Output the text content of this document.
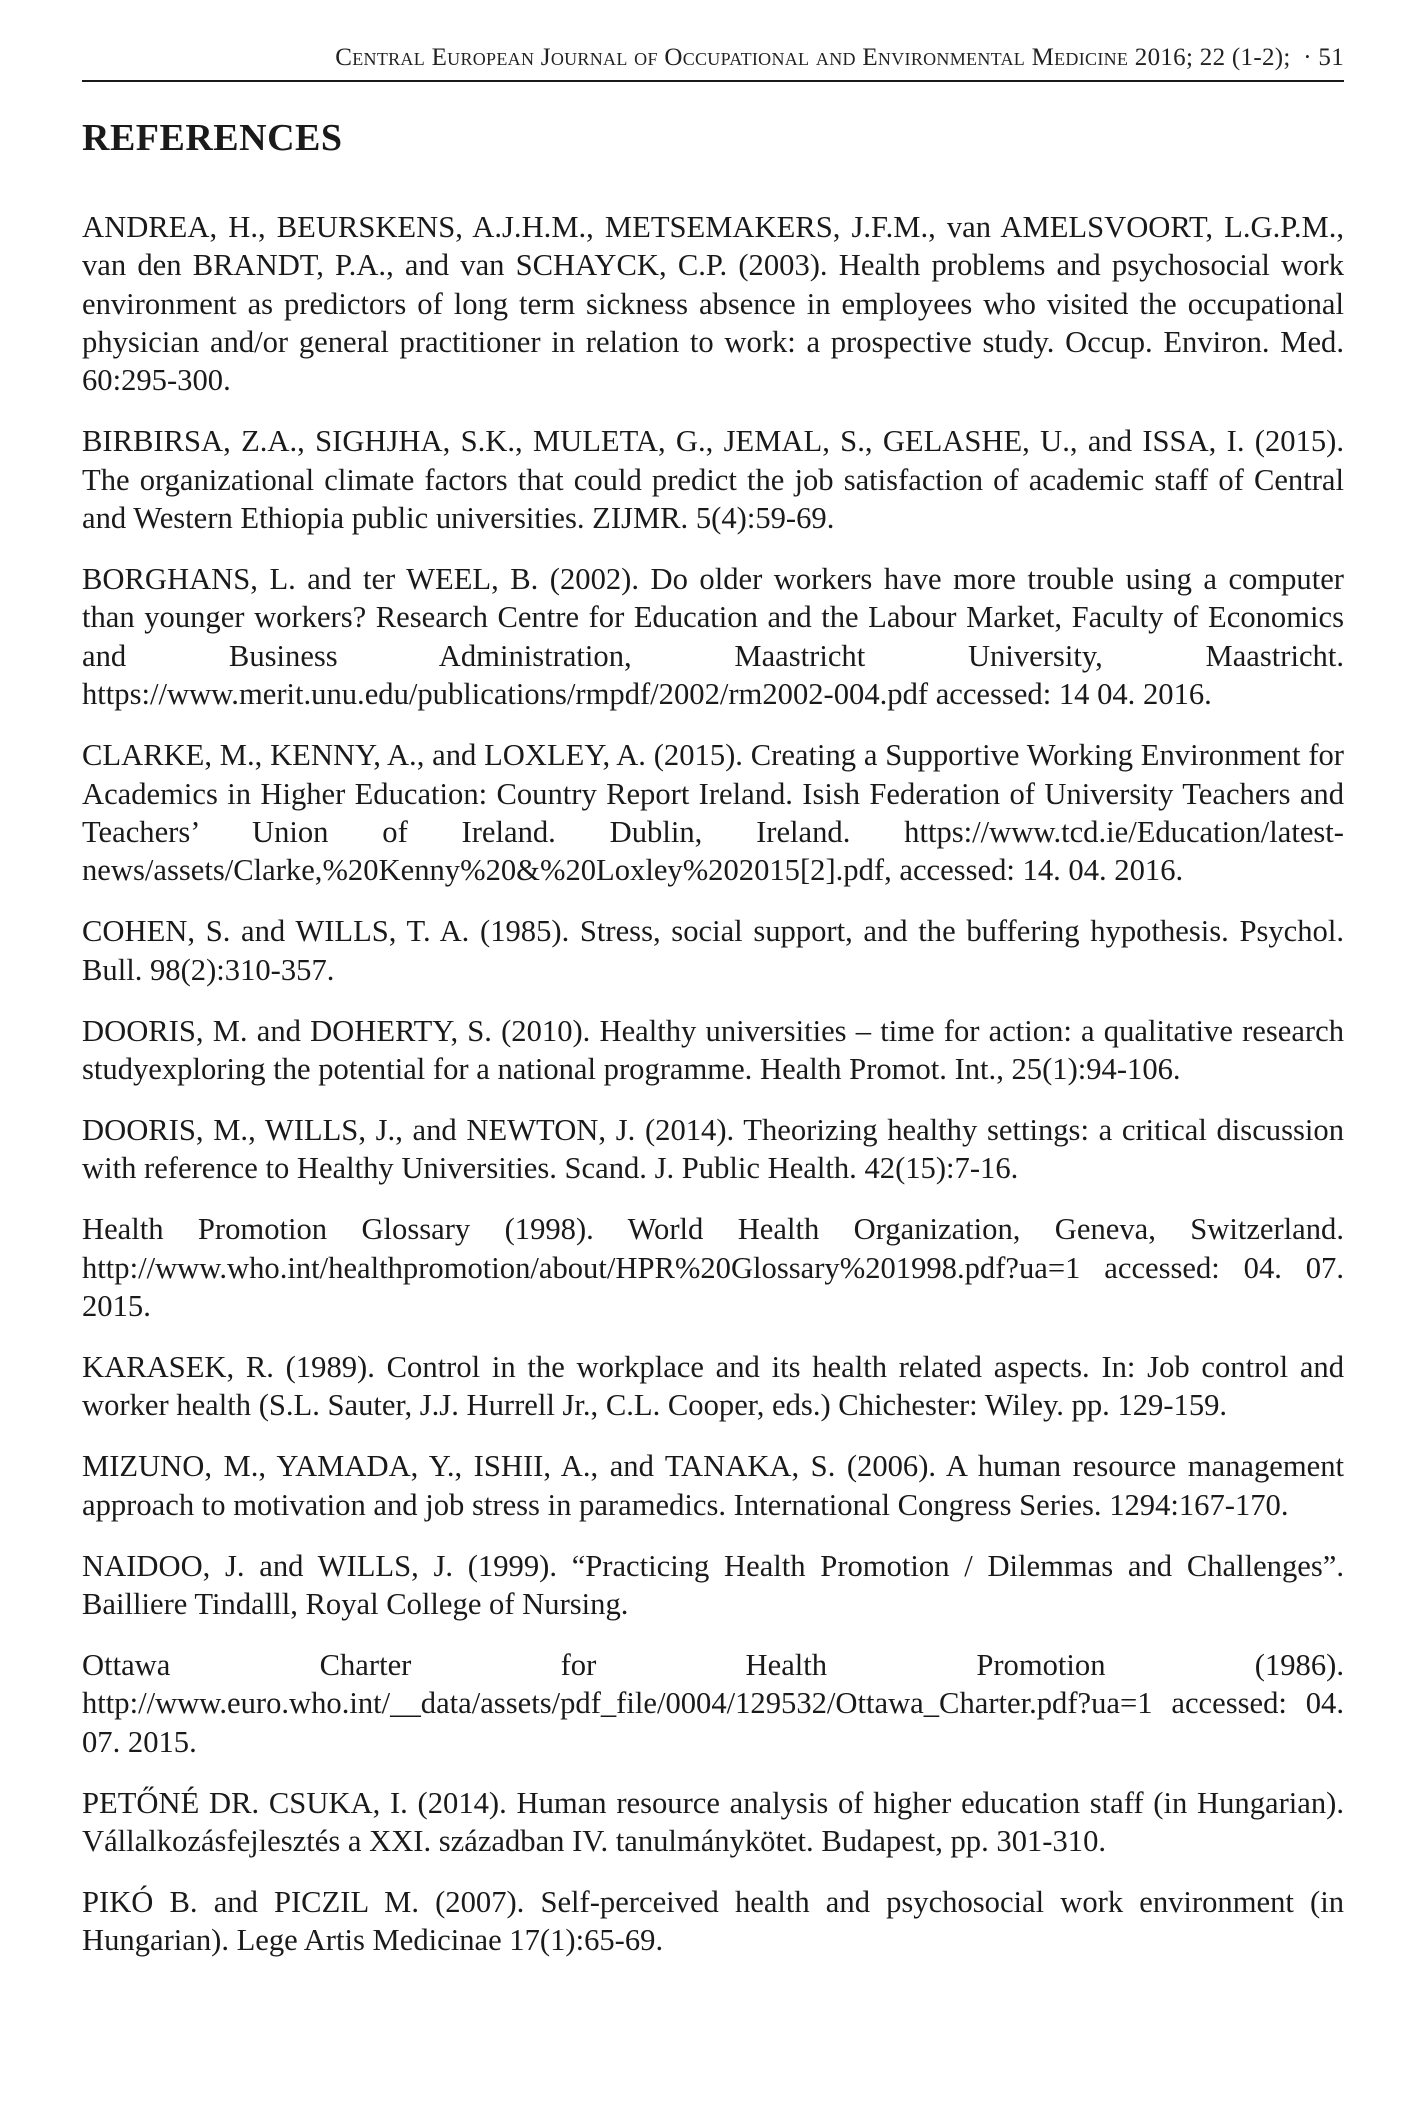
Central European Journal of Occupational and Environmental Medicine 2016; 22 (1-2); · 51
REFERENCES
ANDREA, H., BEURSKENS, A.J.H.M., METSEMAKERS, J.F.M., van AMELSVOORT, L.G.P.M., van den BRANDT, P.A., and van SCHAYCK, C.P. (2003). Health problems and psychosocial work environment as predictors of long term sickness absence in employees who visited the occupational physician and/or general practitioner in relation to work: a prospective study. Occup. Environ. Med. 60:295-300.
BIRBIRSA, Z.A., SIGHJHA, S.K., MULETA, G., JEMAL, S., GELASHE, U., and ISSA, I. (2015). The organizational climate factors that could predict the job satisfaction of academic staff of Central and Western Ethiopia public universities. ZIJMR. 5(4):59-69.
BORGHANS, L. and ter WEEL, B. (2002). Do older workers have more trouble using a computer than younger workers? Research Centre for Education and the Labour Market, Faculty of Economics and Business Administration, Maastricht University, Maastricht. https://www.merit.unu.edu/publications/rmpdf/2002/rm2002-004.pdf accessed: 14 04. 2016.
CLARKE, M., KENNY, A., and LOXLEY, A. (2015). Creating a Supportive Working Environment for Academics in Higher Education: Country Report Ireland. Isish Federation of University Teachers and Teachers’ Union of Ireland. Dublin, Ireland. https://www.tcd.ie/Education/latest-news/assets/Clarke,%20Kenny%20&%20Loxley%202015[2].pdf, accessed: 14. 04. 2016.
COHEN, S. and WILLS, T. A. (1985). Stress, social support, and the buffering hypothesis. Psychol. Bull. 98(2):310-357.
DOORIS, M. and DOHERTY, S. (2010). Healthy universities – time for action: a qualitative research studyexploring the potential for a national programme. Health Promot. Int., 25(1):94-106.
DOORIS, M., WILLS, J., and NEWTON, J. (2014). Theorizing healthy settings: a critical discussion with reference to Healthy Universities. Scand. J. Public Health. 42(15):7-16.
Health Promotion Glossary (1998). World Health Organization, Geneva, Switzerland. http://www.who.int/healthpromotion/about/HPR%20Glossary%201998.pdf?ua=1 accessed: 04. 07. 2015.
KARASEK, R. (1989). Control in the workplace and its health related aspects. In: Job control and worker health (S.L. Sauter, J.J. Hurrell Jr., C.L. Cooper, eds.) Chichester: Wiley. pp. 129-159.
MIZUNO, M., YAMADA, Y., ISHII, A., and TANAKA, S. (2006). A human resource management approach to motivation and job stress in paramedics. International Congress Series. 1294:167-170.
NAIDOO, J. and WILLS, J. (1999). “Practicing Health Promotion / Dilemmas and Challenges”. Bailliere Tindalll, Royal College of Nursing.
Ottawa Charter for Health Promotion (1986). http://www.euro.who.int/__data/assets/pdf_file/0004/129532/Ottawa_Charter.pdf?ua=1 accessed: 04. 07. 2015.
PETŐNÉ DR. CSUKA, I. (2014). Human resource analysis of higher education staff (in Hungarian). Vállalkozásfejlesztés a XXI. században IV. tanulmánykötet. Budapest, pp. 301-310.
PIKÓ B. and PICZIL M. (2007). Self-perceived health and psychosocial work environment (in Hungarian). Lege Artis Medicinae 17(1):65-69.
